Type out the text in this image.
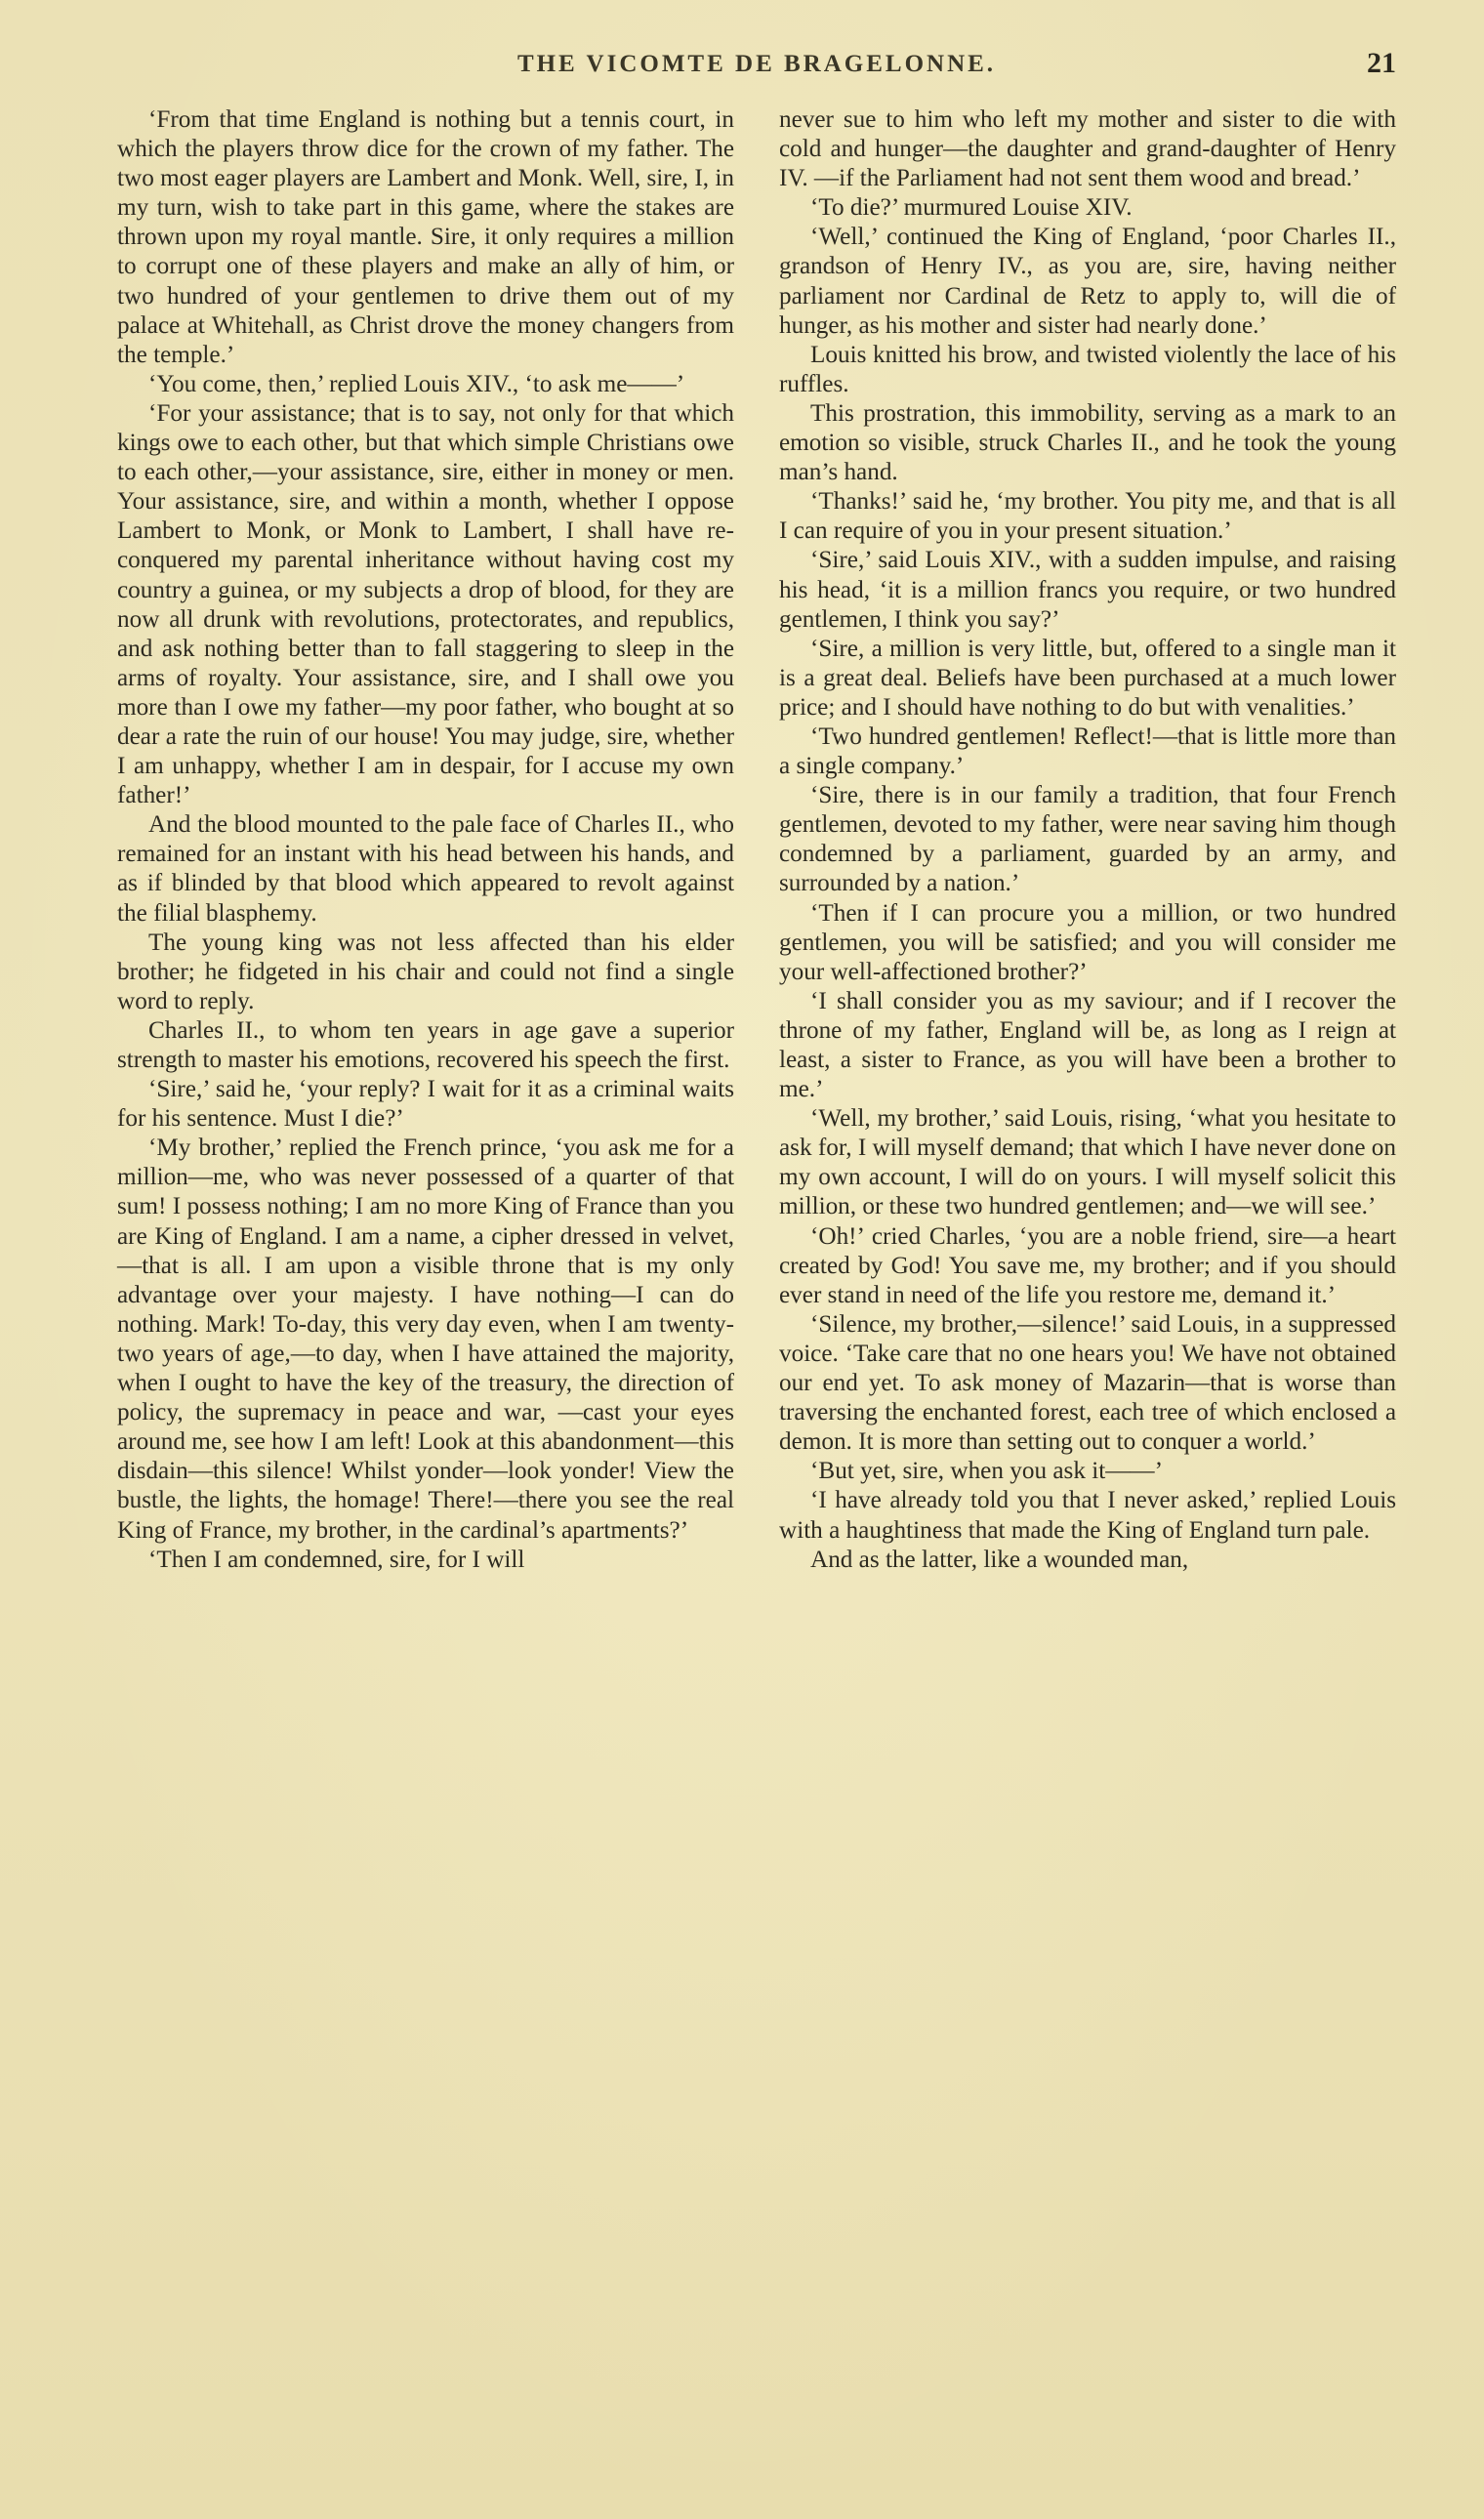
THE VICOMTE DE BRAGELONNE.	21

‘From that time England is nothing but a tennis court, in which the players throw dice for the crown of my father. The two most eager players are Lambert and Monk. Well, sire, I, in my turn, wish to take part in this game, where the stakes are thrown upon my royal mantle. Sire, it only requires a million to corrupt one of these players and make an ally of him, or two hundred of your gentlemen to drive them out of my palace at Whitehall, as Christ drove the money changers from the temple.’

‘You come, then,’ replied Louis XIV., ‘to ask me——’

‘For your assistance; that is to say, not only for that which kings owe to each other, but that which simple Christians owe to each other,—your assistance, sire, either in money or men. Your assistance, sire, and within a month, whether I oppose Lambert to Monk, or Monk to Lambert, I shall have re-conquered my parental inheritance without having cost my country a guinea, or my subjects a drop of blood, for they are now all drunk with revolutions, protectorates, and republics, and ask nothing better than to fall staggering to sleep in the arms of royalty. Your assistance, sire, and I shall owe you more than I owe my father—my poor father, who bought at so dear a rate the ruin of our house! You may judge, sire, whether I am unhappy, whether I am in despair, for I accuse my own father!’

And the blood mounted to the pale face of Charles II., who remained for an instant with his head between his hands, and as if blinded by that blood which appeared to revolt against the filial blasphemy.

The young king was not less affected than his elder brother; he fidgeted in his chair and could not find a single word to reply.

Charles II., to whom ten years in age gave a superior strength to master his emotions, recovered his speech the first.

‘Sire,’ said he, ‘your reply? I wait for it as a criminal waits for his sentence. Must I die?’

‘My brother,’ replied the French prince, ‘you ask me for a million—me, who was never possessed of a quarter of that sum! I possess nothing; I am no more King of France than you are King of England. I am a name, a cipher dressed in velvet,—that is all. I am upon a visible throne that is my only advantage over your majesty. I have nothing—I can do nothing. Mark! To-day, this very day even, when I am twenty-two years of age,—to day, when I have attained the majority, when I ought to have the key of the treasury, the direction of policy, the supremacy in peace and war, —cast your eyes around me, see how I am left! Look at this abandonment—this disdain—this silence! Whilst yonder—look yonder! View the bustle, the lights, the homage! There!—there you see the real King of France, my brother, in the cardinal’s apartments?’

‘Then I am condemned, sire, for I will

never sue to him who left my mother and sister to die with cold and hunger—the daughter and grand-daughter of Henry IV. —if the Parliament had not sent them wood and bread.’

‘To die?’ murmured Louise XIV.

‘Well,’ continued the King of England, ‘poor Charles II., grandson of Henry IV., as you are, sire, having neither parliament nor Cardinal de Retz to apply to, will die of hunger, as his mother and sister had nearly done.’

Louis knitted his brow, and twisted violently the lace of his ruffles.

This prostration, this immobility, serving as a mark to an emotion so visible, struck Charles II., and he took the young man’s hand.

‘Thanks!’ said he, ‘my brother. You pity me, and that is all I can require of you in your present situation.’

‘Sire,’ said Louis XIV., with a sudden impulse, and raising his head, ‘it is a million francs you require, or two hundred gentlemen, I think you say?’

‘Sire, a million is very little, but, offered to a single man it is a great deal. Beliefs have been purchased at a much lower price; and I should have nothing to do but with venalities.’

‘Two hundred gentlemen! Reflect!—that is little more than a single company.’

‘Sire, there is in our family a tradition, that four French gentlemen, devoted to my father, were near saving him though condemned by a parliament, guarded by an army, and surrounded by a nation.’

‘Then if I can procure you a million, or two hundred gentlemen, you will be satisfied; and you will consider me your well-affectioned brother?’

‘I shall consider you as my saviour; and if I recover the throne of my father, England will be, as long as I reign at least, a sister to France, as you will have been a brother to me.’

‘Well, my brother,’ said Louis, rising, ‘what you hesitate to ask for, I will myself demand; that which I have never done on my own account, I will do on yours. I will myself solicit this million, or these two hundred gentlemen; and—we will see.’

‘Oh!’ cried Charles, ‘you are a noble friend, sire—a heart created by God! You save me, my brother; and if you should ever stand in need of the life you restore me, demand it.’

‘Silence, my brother,—silence!’ said Louis, in a suppressed voice. ‘Take care that no one hears you! We have not obtained our end yet. To ask money of Mazarin—that is worse than traversing the enchanted forest, each tree of which enclosed a demon. It is more than setting out to conquer a world.’

‘But yet, sire, when you ask it——’

‘I have already told you that I never asked,’ replied Louis with a haughtiness that made the King of England turn pale.

And as the latter, like a wounded man,
